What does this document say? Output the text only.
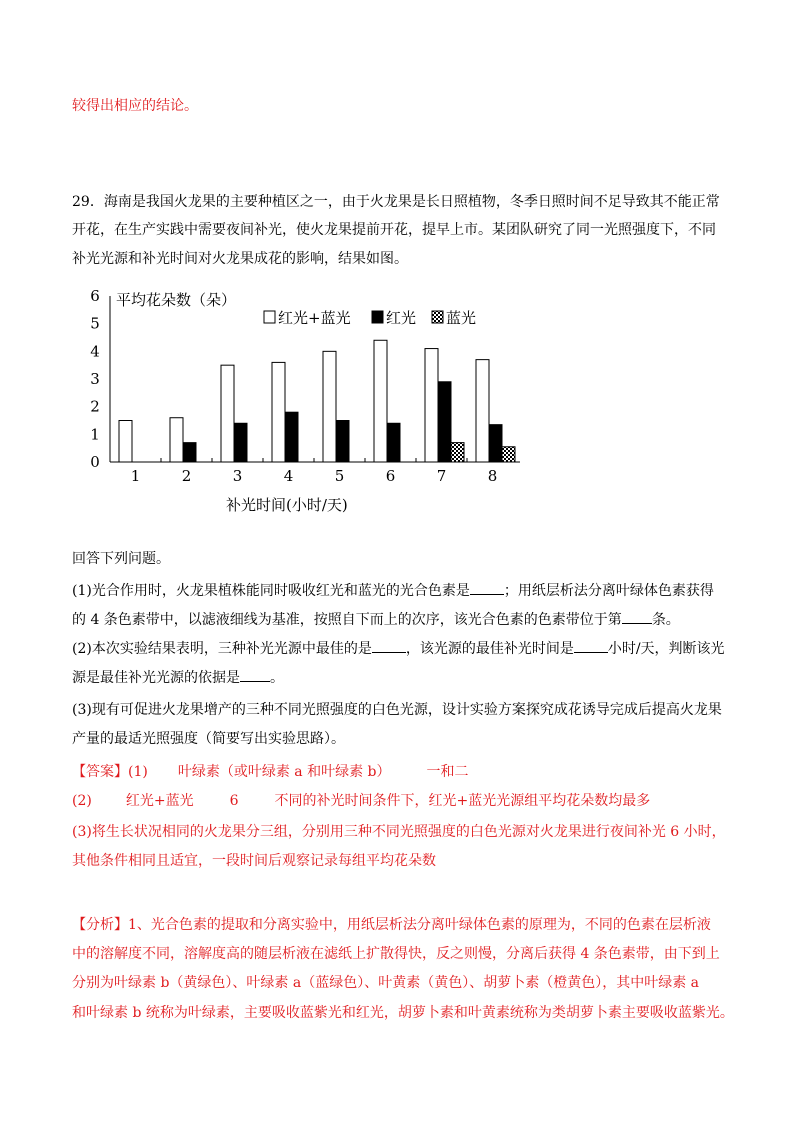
较得出相应的结论。
29．海南是我国火龙果的主要种植区之一，由于火龙果是长日照植物，冬季日照时间不足导致其不能正常
开花，在生产实践中需要夜间补光，使火龙果提前开花，提早上市。某团队研究了同一光照强度下，不同
补光光源和补光时间对火龙果成花的影响，结果如图。
平均花朵数（朵）
红光+蓝光 红光 蓝光
0
1
2
3
4
5
6
1	2	3	4	5	6	7	8
补光时间(小时/天)
回答下列问题。
(1)光合作用时，火龙果植株能同时吸收红光和蓝光的光合色素是 ；用纸层析法分离叶绿体色素获得
的 4 条色素带中，以滤液细线为基准，按照自下而上的次序，该光合色素的色素带位于第 条。
(2)本次实验结果表明，三种补光光源中最佳的是 ，该光源的最佳补光时间是 小时/天，判断该光
源是最佳补光光源的依据是 。
(3)现有可促进火龙果增产的三种不同光照强度的白色光源，设计实验方案探究成花诱导完成后提高火龙果
产量的最适光照强度（简要写出实验思路）。
【答案】(1) 叶绿素（或叶绿素 a 和叶绿素 b）	一和二
(2) 红光+蓝光	6	不同的补光时间条件下，红光+蓝光光源组平均花朵数均最多
(3)将生长状况相同的火龙果分三组，分别用三种不同光照强度的白色光源对火龙果进行夜间补光 6 小时，
其他条件相同且适宜，一段时间后观察记录每组平均花朵数
【分析】1、光合色素的提取和分离实验中，用纸层析法分离叶绿体色素的原理为，不同的色素在层析液
中的溶解度不同，溶解度高的随层析液在滤纸上扩散得快，反之则慢，分离后获得 4 条色素带，由下到上
分别为叶绿素 b（黄绿色）、叶绿素 a（蓝绿色）、叶黄素（黄色）、胡萝卜素（橙黄色），其中叶绿素 a
和叶绿素 b 统称为叶绿素，主要吸收蓝紫光和红光，胡萝卜素和叶黄素统称为类胡萝卜素主要吸收蓝紫光。
